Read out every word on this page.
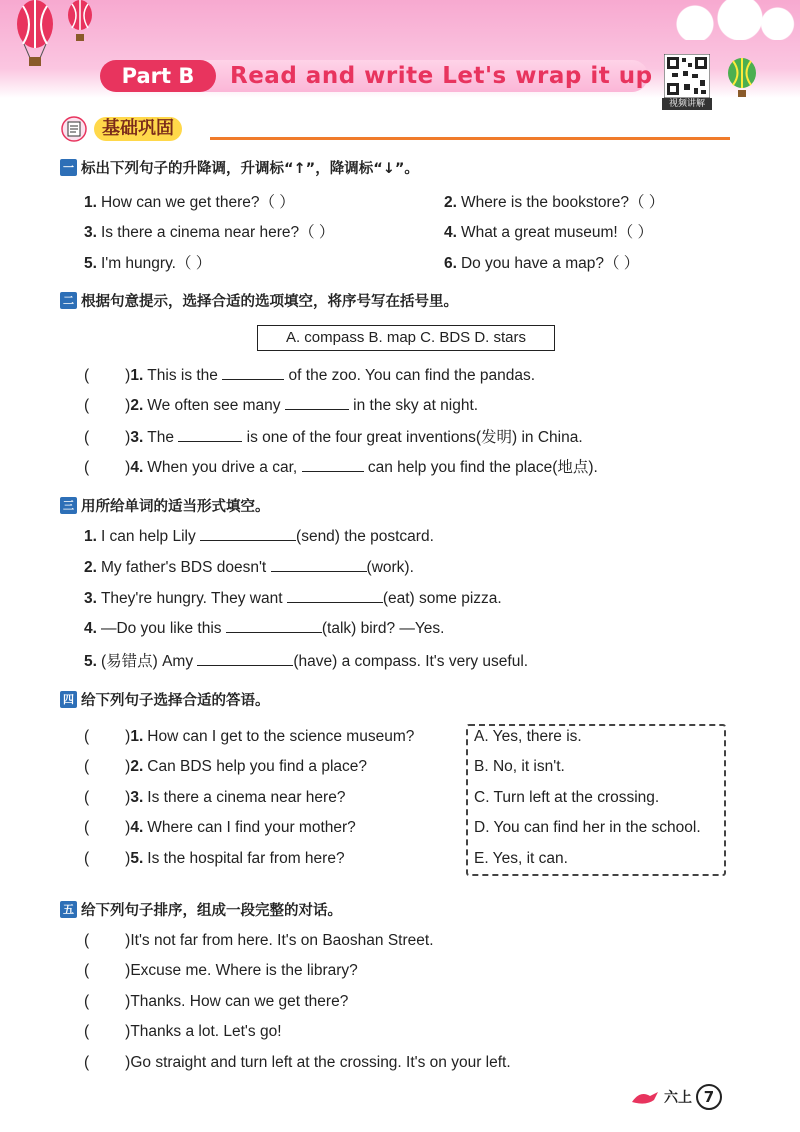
Part B	Read and write Let's wrap it up
视频讲解
基础巩固
一 标出下列句子的升降调，升调标“↑”，降调标“↓”。
1. How can we get there?（ ）	2. Where is the bookstore?（ ）
3. Is there a cinema near here?（ ）	4. What a great museum!（ ）
5. I'm hungry.（ ）	6. Do you have a map?（ ）
二 根据句意提示，选择合适的选项填空，将序号写在括号里。
A. compass B. map C. BDS D. stars
( )1. This is the	of the zoo. You can find the pandas.
( )2. We often see many	in the sky at night.
( )3. The	is one of the four great inventions(发明) in China.
( )4. When you drive a car,	can help you find the place(地点).
三 用所给单词的适当形式填空。
1. I can help Lily	(send) the postcard.
2. My father's BDS doesn't	(work).
3. They're hungry. They want	(eat) some pizza.
4. —Do you like this	(talk) bird? —Yes.
5. (易错点) Amy	(have) a compass. It's very useful.
四 给下列句子选择合适的答语。
( )1. How can I get to the science museum?
( )2. Can BDS help you find a place?
( )3. Is there a cinema near here?
( )4. Where can I find your mother?
( )5. Is the hospital far from here?
A. Yes, there is.
B. No, it isn't.
C. Turn left at the crossing.
D. You can find her in the school.
E. Yes, it can.
五 给下列句子排序，组成一段完整的对话。
( )It's not far from here. It's on Baoshan Street.
( )Excuse me. Where is the library?
( )Thanks. How can we get there?
( )Thanks a lot. Let's go!
( )Go straight and turn left at the crossing. It's on your left.
六上 7
